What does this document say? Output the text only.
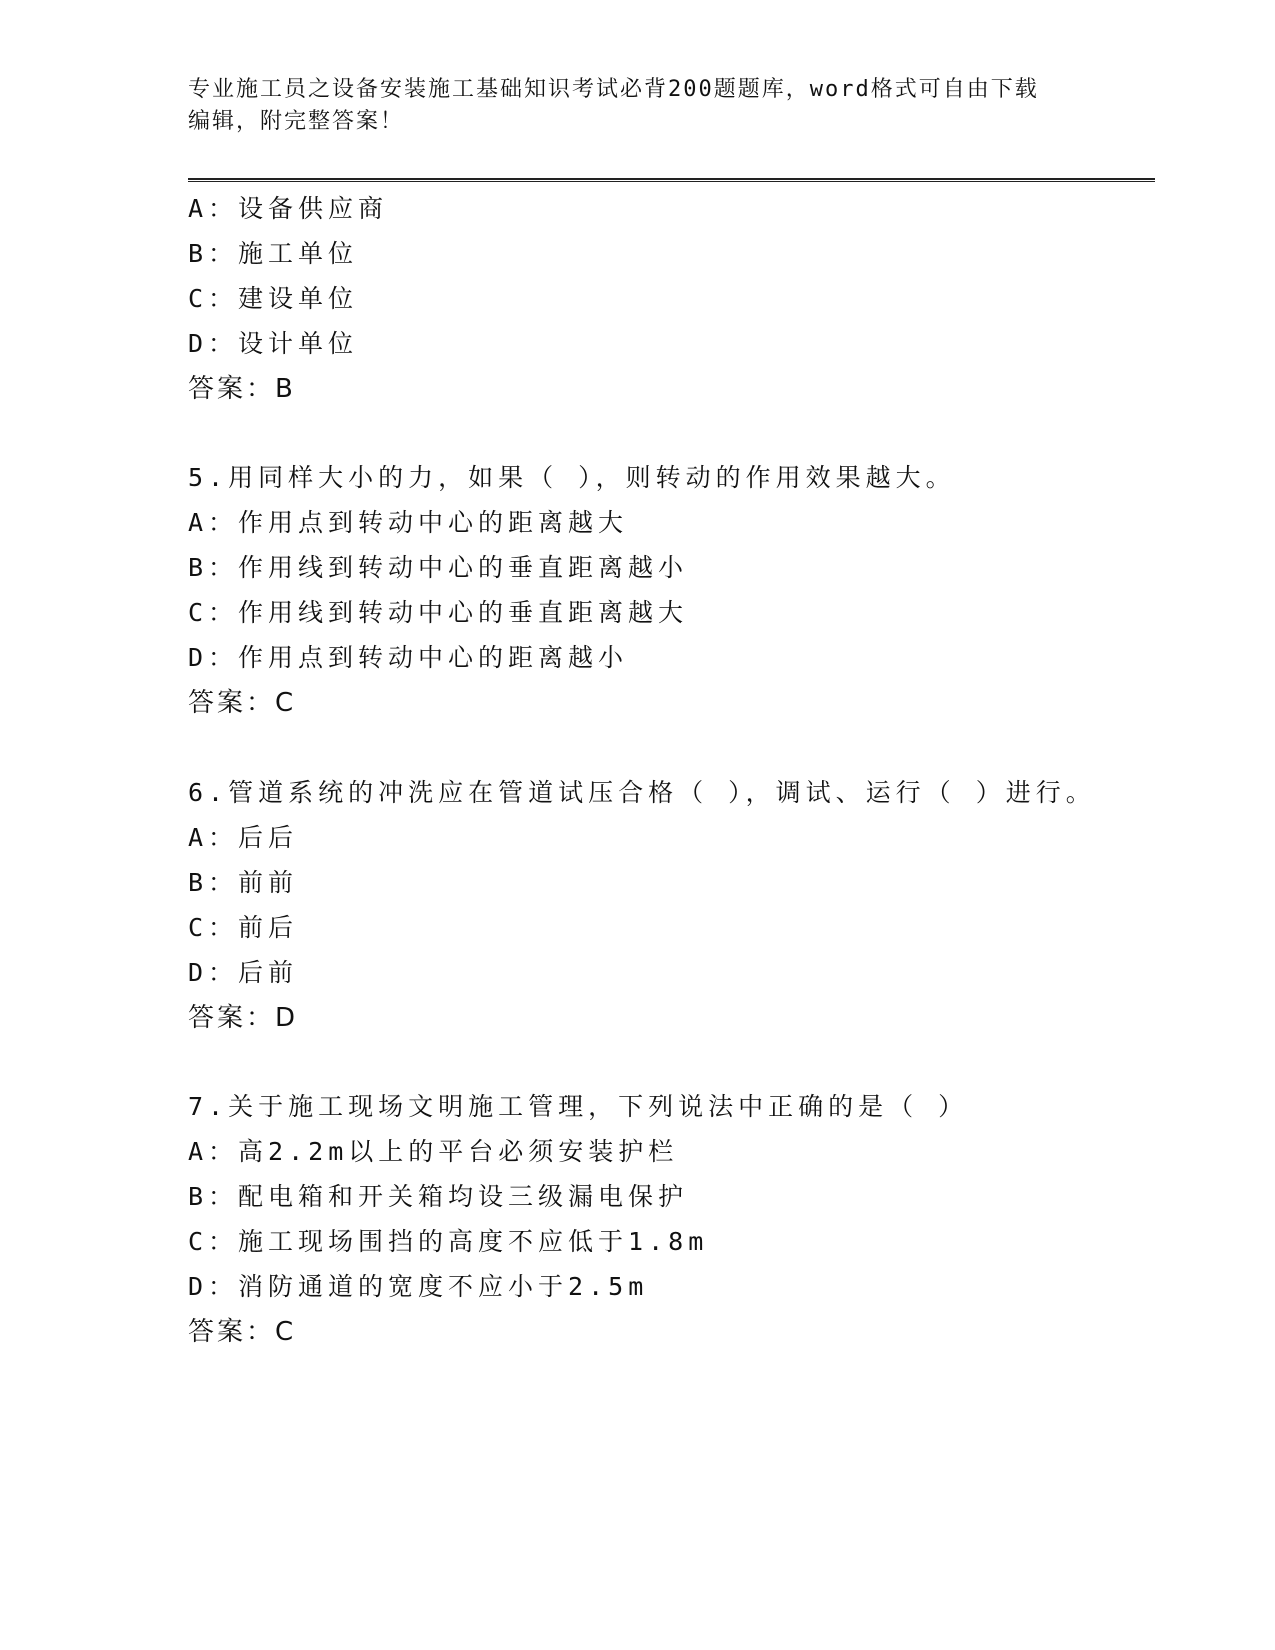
专业施工员之设备安装施工基础知识考试必背200题题库，word格式可自由下载
编辑，附完整答案！
A：设备供应商
B：施工单位
C：建设单位
D：设计单位
答案：B
5.用同样大小的力，如果（ ），则转动的作用效果越大。
A：作用点到转动中心的距离越大
B：作用线到转动中心的垂直距离越小
C：作用线到转动中心的垂直距离越大
D：作用点到转动中心的距离越小
答案：C
6.管道系统的冲洗应在管道试压合格（ ），调试、运行（ ）进行。
A：后后
B：前前
C：前后
D：后前
答案：D
7.关于施工现场文明施工管理，下列说法中正确的是（ ）
A：高2.2m以上的平台必须安装护栏
B：配电箱和开关箱均设三级漏电保护
C：施工现场围挡的高度不应低于1.8m
D：消防通道的宽度不应小于2.5m
答案：C
